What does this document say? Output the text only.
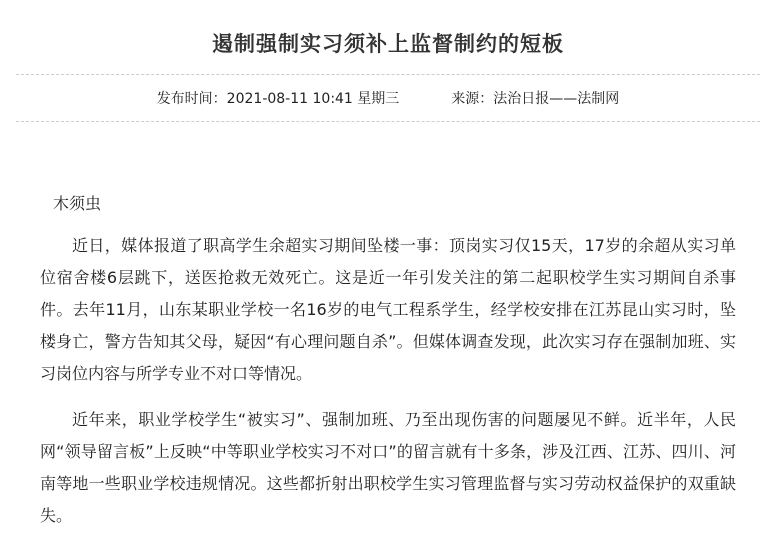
遏制强制实习须补上监督制约的短板
发布时间：2021-08-11 10:41 星期三	来源：法治日报——法制网

木须虫

近日，媒体报道了职高学生余超实习期间坠楼一事：顶岗实习仅15天，17岁的余超从实习单位宿舍楼6层跳下，送医抢救无效死亡。这是近一年引发关注的第二起职校学生实习期间自杀事件。去年11月，山东某职业学校一名16岁的电气工程系学生，经学校安排在江苏昆山实习时，坠楼身亡，警方告知其父母，疑因“有心理问题自杀”。但媒体调查发现，此次实习存在强制加班、实习岗位内容与所学专业不对口等情况。

近年来，职业学校学生“被实习”、强制加班、乃至出现伤害的问题屡见不鲜。近半年，人民网“领导留言板”上反映“中等职业学校实习不对口”的留言就有十多条，涉及江西、江苏、四川、河南等地一些职业学校违规情况。这些都折射出职校学生实习管理监督与实习劳动权益保护的双重缺失。
